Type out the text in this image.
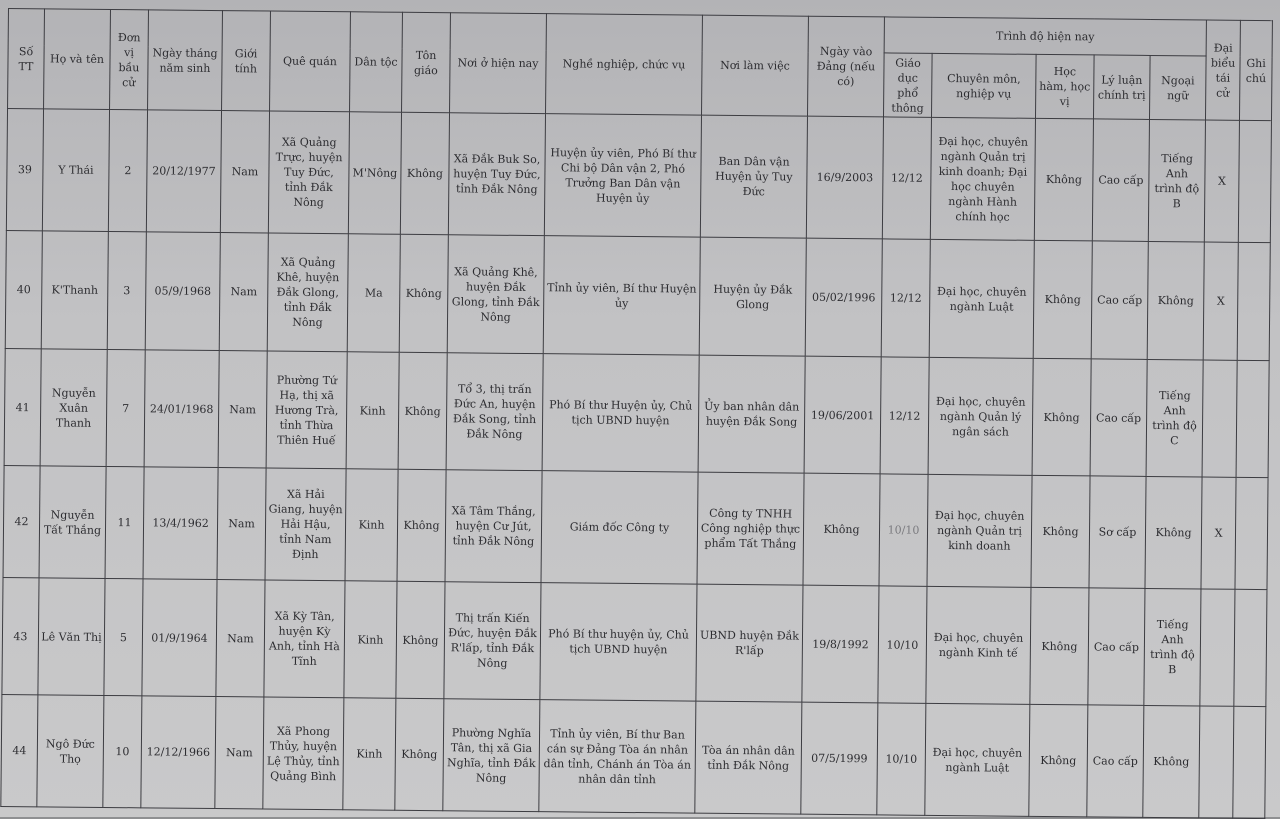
Số TT	Họ và tên	Đơn vị bầu cử	Ngày tháng năm sinh	Giới tính	Quê quán	Dân tộc	Tôn giáo	Nơi ở hiện nay	Nghề nghiệp, chức vụ	Nơi làm việc	Ngày vào Đảng (nếu có)	Trình độ hiện nay					Đại biểu tái cử	Ghi chú
												Giáo dục phổ thông	Chuyên môn, nghiệp vụ	Học hàm, học vị	Lý luận chính trị	Ngoại ngữ		
39	Y Thái	2	20/12/1977	Nam	Xã Quảng Trực, huyện Tuy Đức, tỉnh Đắk Nông	M'Nông	Không	Xã Đắk Buk So, huyện Tuy Đức, tỉnh Đắk Nông	Huyện ủy viên, Phó Bí thư Chi bộ Dân vận 2, Phó Trưởng Ban Dân vận Huyện ủy	Ban Dân vận Huyện ủy Tuy Đức	16/9/2003	12/12	Đại học, chuyên ngành Quản trị kinh doanh; Đại học chuyên ngành Hành chính học	Không	Cao cấp	Tiếng Anh trình độ B	X	
40	K'Thanh	3	05/9/1968	Nam	Xã Quảng Khê, huyện Đắk Glong, tỉnh Đắk Nông	Ma	Không	Xã Quảng Khê, huyện Đắk Glong, tỉnh Đắk Nông	Tỉnh ủy viên, Bí thư Huyện ủy	Huyện ủy Đắk Glong	05/02/1996	12/12	Đại học, chuyên ngành Luật	Không	Cao cấp	Không	X	
41	Nguyễn Xuân Thanh	7	24/01/1968	Nam	Phường Tứ Hạ, thị xã Hương Trà, tỉnh Thừa Thiên Huế	Kinh	Không	Tổ 3, thị trấn Đức An, huyện Đắk Song, tỉnh Đắk Nông	Phó Bí thư Huyện ủy, Chủ tịch UBND huyện	Ủy ban nhân dân huyện Đắk Song	19/06/2001	12/12	Đại học, chuyên ngành Quản lý ngân sách	Không	Cao cấp	Tiếng Anh trình độ C		
42	Nguyễn Tất Thắng	11	13/4/1962	Nam	Xã Hải Giang, huyện Hải Hậu, tỉnh Nam Định	Kinh	Không	Xã Tâm Thắng, huyện Cư Jút, tỉnh Đắk Nông	Giám đốc Công ty	Công ty TNHH Công nghiệp thực phẩm Tất Thắng	Không	10/10	Đại học, chuyên ngành Quản trị kinh doanh	Không	Sơ cấp	Không	X	
43	Lê Văn Thị	5	01/9/1964	Nam	Xã Kỳ Tân, huyện Kỳ Anh, tỉnh Hà Tĩnh	Kinh	Không	Thị trấn Kiến Đức, huyện Đắk R'lấp, tỉnh Đắk Nông	Phó Bí thư huyện ủy, Chủ tịch UBND huyện	UBND huyện Đắk R'lấp	19/8/1992	10/10	Đại học, chuyên ngành Kinh tế	Không	Cao cấp	Tiếng Anh trình độ B		
44	Ngô Đức Thọ	10	12/12/1966	Nam	Xã Phong Thủy, huyện Lệ Thủy, tỉnh Quảng Bình	Kinh	Không	Phường Nghĩa Tân, thị xã Gia Nghĩa, tỉnh Đắk Nông	Tỉnh ủy viên, Bí thư Ban cán sự Đảng Tòa án nhân dân tỉnh, Chánh án Tòa án nhân dân tỉnh	Tòa án nhân dân tỉnh Đắk Nông	07/5/1999	10/10	Đại học, chuyên ngành Luật	Không	Cao cấp	Không		
